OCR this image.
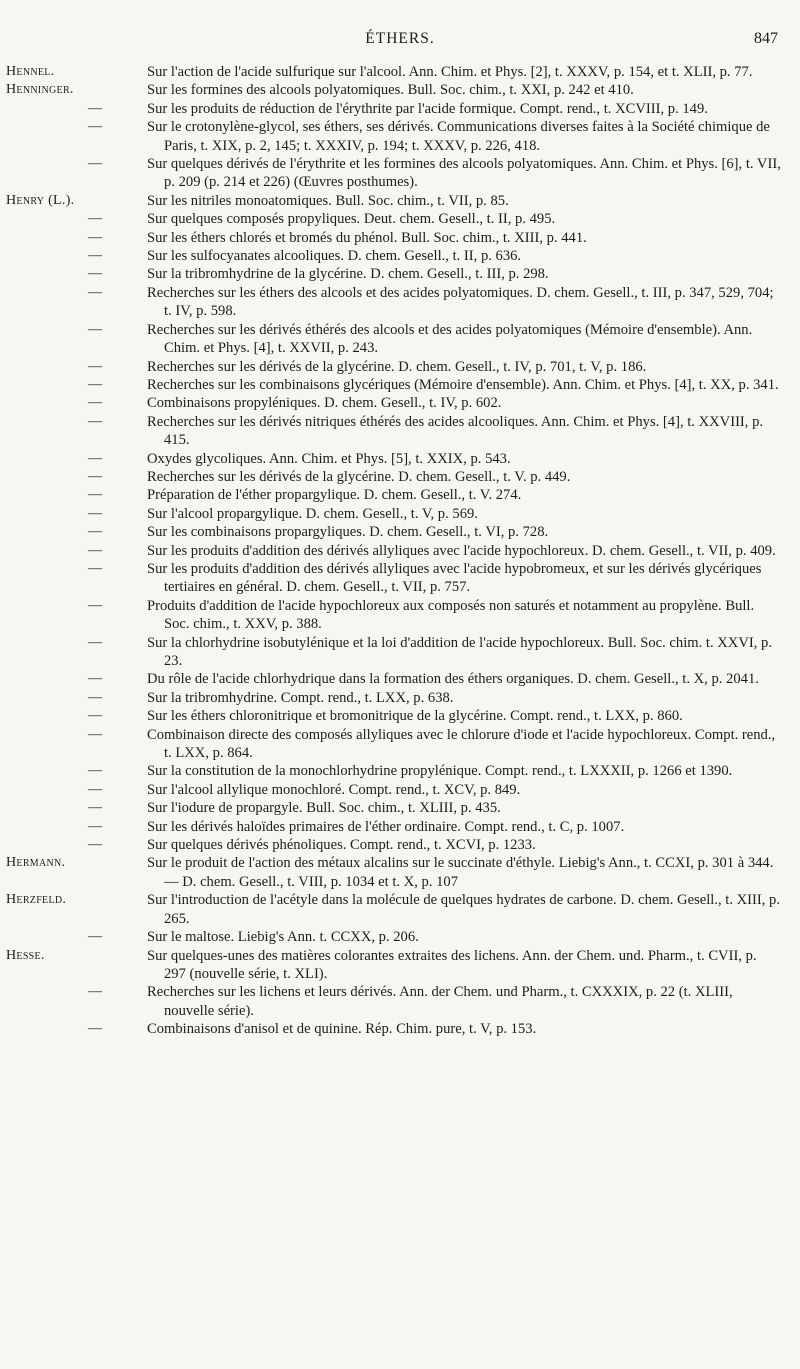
ÉTHERS.	847

Hennel.	Sur l'action de l'acide sulfurique sur l'alcool. Ann. Chim. et Phys. [2], t. XXXV, p. 154, et t. XLII, p. 77.

Henninger.	Sur les formines des alcools polyatomiques. Bull. Soc. chim., t. XXI, p. 242 et 410.

—	Sur les produits de réduction de l'érythrite par l'acide formique. Compt. rend., t. XCVIII, p. 149.

—	Sur le crotonylène-glycol, ses éthers, ses dérivés. Communications diverses faites à la Société chimique de Paris, t. XIX, p. 2, 145; t. XXXIV, p. 194; t. XXXV, p. 226, 418.

—	Sur quelques dérivés de l'érythrite et les formines des alcools polyatomiques. Ann. Chim. et Phys. [6], t. VII, p. 209 (p. 214 et 226) (Œuvres posthumes).

Henry (L.).	Sur les nitriles monoatomiques. Bull. Soc. chim., t. VII, p. 85.

—	Sur quelques composés propyliques. Deut. chem. Gesell., t. II, p. 495.

—	Sur les éthers chlorés et bromés du phénol. Bull. Soc. chim., t. XIII, p. 441.

—	Sur les sulfocyanates alcooliques. D. chem. Gesell., t. II, p. 636.

—	Sur la tribromhydrine de la glycérine. D. chem. Gesell., t. III, p. 298.

—	Recherches sur les éthers des alcools et des acides polyatomiques. D. chem. Gesell., t. III, p. 347, 529, 704; t. IV, p. 598.

—	Recherches sur les dérivés éthérés des alcools et des acides polyatomiques (Mémoire d'ensemble). Ann. Chim. et Phys. [4], t. XXVII, p. 243.

—	Recherches sur les dérivés de la glycérine. D. chem. Gesell., t. IV, p. 701, t. V, p. 186.

—	Recherches sur les combinaisons glycériques (Mémoire d'ensemble). Ann. Chim. et Phys. [4], t. XX, p. 341.

—	Combinaisons propyléniques. D. chem. Gesell., t. IV, p. 602.

—	Recherches sur les dérivés nitriques éthérés des acides alcooliques. Ann. Chim. et Phys. [4], t. XXVIII, p. 415.

—	Oxydes glycoliques. Ann. Chim. et Phys. [5], t. XXIX, p. 543.

—	Recherches sur les dérivés de la glycérine. D. chem. Gesell., t. V. p. 449.

—	Préparation de l'éther propargylique. D. chem. Gesell., t. V. 274.

—	Sur l'alcool propargylique. D. chem. Gesell., t. V, p. 569.

—	Sur les combinaisons propargyliques. D. chem. Gesell., t. VI, p. 728.

—	Sur les produits d'addition des dérivés allyliques avec l'acide hypochloreux. D. chem. Gesell., t. VII, p. 409.

—	Sur les produits d'addition des dérivés allyliques avec l'acide hypobromeux, et sur les dérivés glycériques tertiaires en général. D. chem. Gesell., t. VII, p. 757.

—	Produits d'addition de l'acide hypochloreux aux composés non saturés et notamment au propylène. Bull. Soc. chim., t. XXV, p. 388.

—	Sur la chlorhydrine isobutylénique et la loi d'addition de l'acide hypochloreux. Bull. Soc. chim. t. XXVI, p. 23.

—	Du rôle de l'acide chlorhydrique dans la formation des éthers organiques. D. chem. Gesell., t. X, p. 2041.

—	Sur la tribromhydrine. Compt. rend., t. LXX, p. 638.

—	Sur les éthers chloronitrique et bromonitrique de la glycérine. Compt. rend., t. LXX, p. 860.

—	Combinaison directe des composés allyliques avec le chlorure d'iode et l'acide hypochloreux. Compt. rend., t. LXX, p. 864.

—	Sur la constitution de la monochlorhydrine propylénique. Compt. rend., t. LXXXII, p. 1266 et 1390.

—	Sur l'alcool allylique monochloré. Compt. rend., t. XCV, p. 849.

—	Sur l'iodure de propargyle. Bull. Soc. chim., t. XLIII, p. 435.

—	Sur les dérivés haloïdes primaires de l'éther ordinaire. Compt. rend., t. C, p. 1007.

—	Sur quelques dérivés phénoliques. Compt. rend., t. XCVI, p. 1233.

Hermann.	Sur le produit de l'action des métaux alcalins sur le succinate d'éthyle. Liebig's Ann., t. CCXI, p. 301 à 344. — D. chem. Gesell., t. VIII, p. 1034 et t. X, p. 107

Herzfeld.	Sur l'introduction de l'acétyle dans la molécule de quelques hydrates de carbone. D. chem. Gesell., t. XIII, p. 265.

—	Sur le maltose. Liebig's Ann. t. CCXX, p. 206.

Hesse.	Sur quelques-unes des matières colorantes extraites des lichens. Ann. der Chem. und. Pharm., t. CVII, p. 297 (nouvelle série, t. XLI).

—	Recherches sur les lichens et leurs dérivés. Ann. der Chem. und Pharm., t. CXXXIX, p. 22 (t. XLIII, nouvelle série).

—	Combinaisons d'anisol et de quinine. Rép. Chim. pure, t. V, p. 153.
